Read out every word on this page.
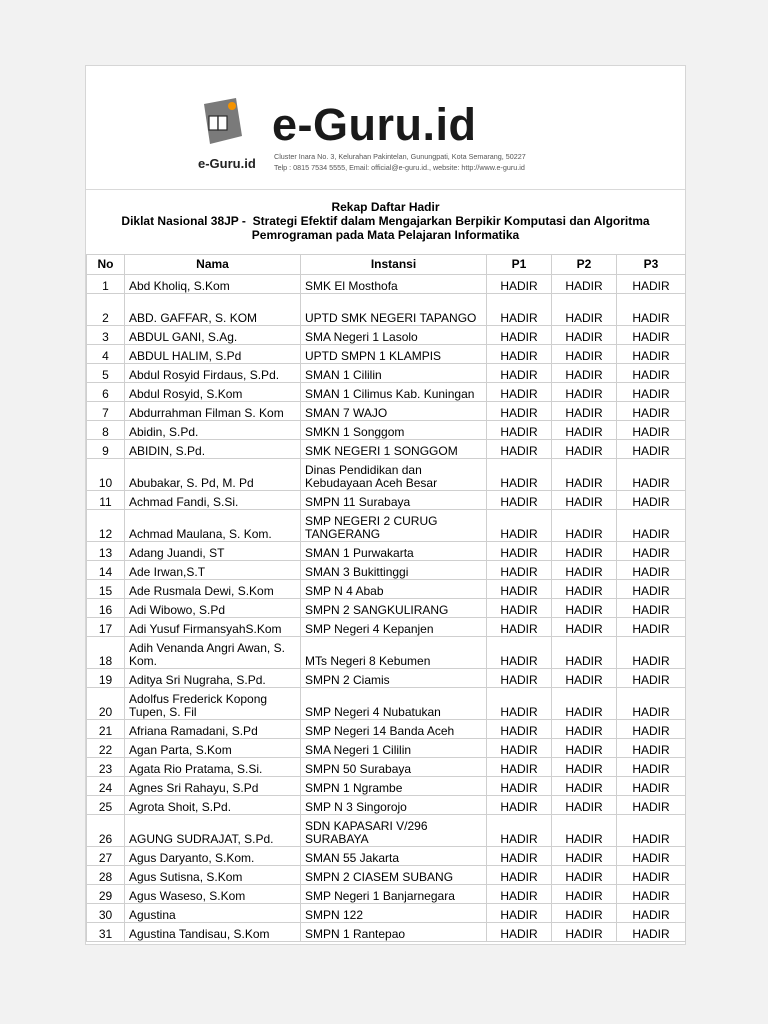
e-Guru.id
e-Guru.id
Cluster Inara No. 3, Kelurahan Pakintelan, Gunungpati, Kota Semarang, 50227
Telp : 0815 7534 5555, Email: official@e-guru.id., website: http://www.e-guru.id
Rekap Daftar Hadir
Diklat Nasional 38JP -  Strategi Efektif dalam Mengajarkan Berpikir Komputasi dan Algoritma
Pemrograman pada Mata Pelajaran Informatika
No	Nama	Instansi	P1	P2	P3
1	Abd Kholiq, S.Kom	SMK El Mosthofa	HADIR	HADIR	HADIR
2	ABD. GAFFAR, S. KOM	UPTD SMK NEGERI TAPANGO	HADIR	HADIR	HADIR
3	ABDUL GANI, S.Ag.	SMA Negeri 1 Lasolo	HADIR	HADIR	HADIR
4	ABDUL HALIM, S.Pd	UPTD SMPN 1 KLAMPIS	HADIR	HADIR	HADIR
5	Abdul Rosyid Firdaus, S.Pd.	SMAN 1 Cililin	HADIR	HADIR	HADIR
6	Abdul Rosyid, S.Kom	SMAN 1 Cilimus Kab. Kuningan	HADIR	HADIR	HADIR
7	Abdurrahman Filman S. Kom	SMAN 7 WAJO	HADIR	HADIR	HADIR
8	Abidin, S.Pd.	SMKN 1 Songgom	HADIR	HADIR	HADIR
9	ABIDIN, S.Pd.	SMK NEGERI 1 SONGGOM	HADIR	HADIR	HADIR
10	Abubakar, S. Pd, M. Pd	Dinas Pendidikan dan Kebudayaan Aceh Besar	HADIR	HADIR	HADIR
11	Achmad Fandi, S.Si.	SMPN 11 Surabaya	HADIR	HADIR	HADIR
12	Achmad Maulana, S. Kom.	SMP NEGERI 2 CURUG TANGERANG	HADIR	HADIR	HADIR
13	Adang Juandi, ST	SMAN 1 Purwakarta	HADIR	HADIR	HADIR
14	Ade Irwan,S.T	SMAN 3 Bukittinggi	HADIR	HADIR	HADIR
15	Ade Rusmala Dewi, S.Kom	SMP N 4 Abab	HADIR	HADIR	HADIR
16	Adi Wibowo, S.Pd	SMPN 2 SANGKULIRANG	HADIR	HADIR	HADIR
17	Adi Yusuf FirmansyahS.Kom	SMP Negeri 4 Kepanjen	HADIR	HADIR	HADIR
18	Adih Venanda Angri Awan, S. Kom.	MTs Negeri 8 Kebumen	HADIR	HADIR	HADIR
19	Aditya Sri Nugraha, S.Pd.	SMPN 2 Ciamis	HADIR	HADIR	HADIR
20	Adolfus Frederick Kopong Tupen, S. Fil	SMP Negeri 4 Nubatukan	HADIR	HADIR	HADIR
21	Afriana Ramadani, S.Pd	SMP Negeri 14 Banda Aceh	HADIR	HADIR	HADIR
22	Agan Parta, S.Kom	SMA Negeri 1 Cililin	HADIR	HADIR	HADIR
23	Agata Rio Pratama, S.Si.	SMPN 50 Surabaya	HADIR	HADIR	HADIR
24	Agnes Sri Rahayu, S.Pd	SMPN 1 Ngrambe	HADIR	HADIR	HADIR
25	Agrota Shoit, S.Pd.	SMP N 3 Singorojo	HADIR	HADIR	HADIR
26	AGUNG SUDRAJAT, S.Pd.	SDN KAPASARI V/296 SURABAYA	HADIR	HADIR	HADIR
27	Agus Daryanto, S.Kom.	SMAN 55 Jakarta	HADIR	HADIR	HADIR
28	Agus Sutisna, S.Kom	SMPN 2 CIASEM SUBANG	HADIR	HADIR	HADIR
29	Agus Waseso, S.Kom	SMP Negeri 1 Banjarnegara	HADIR	HADIR	HADIR
30	Agustina	SMPN 122	HADIR	HADIR	HADIR
31	Agustina Tandisau, S.Kom	SMPN 1 Rantepao	HADIR	HADIR	HADIR
